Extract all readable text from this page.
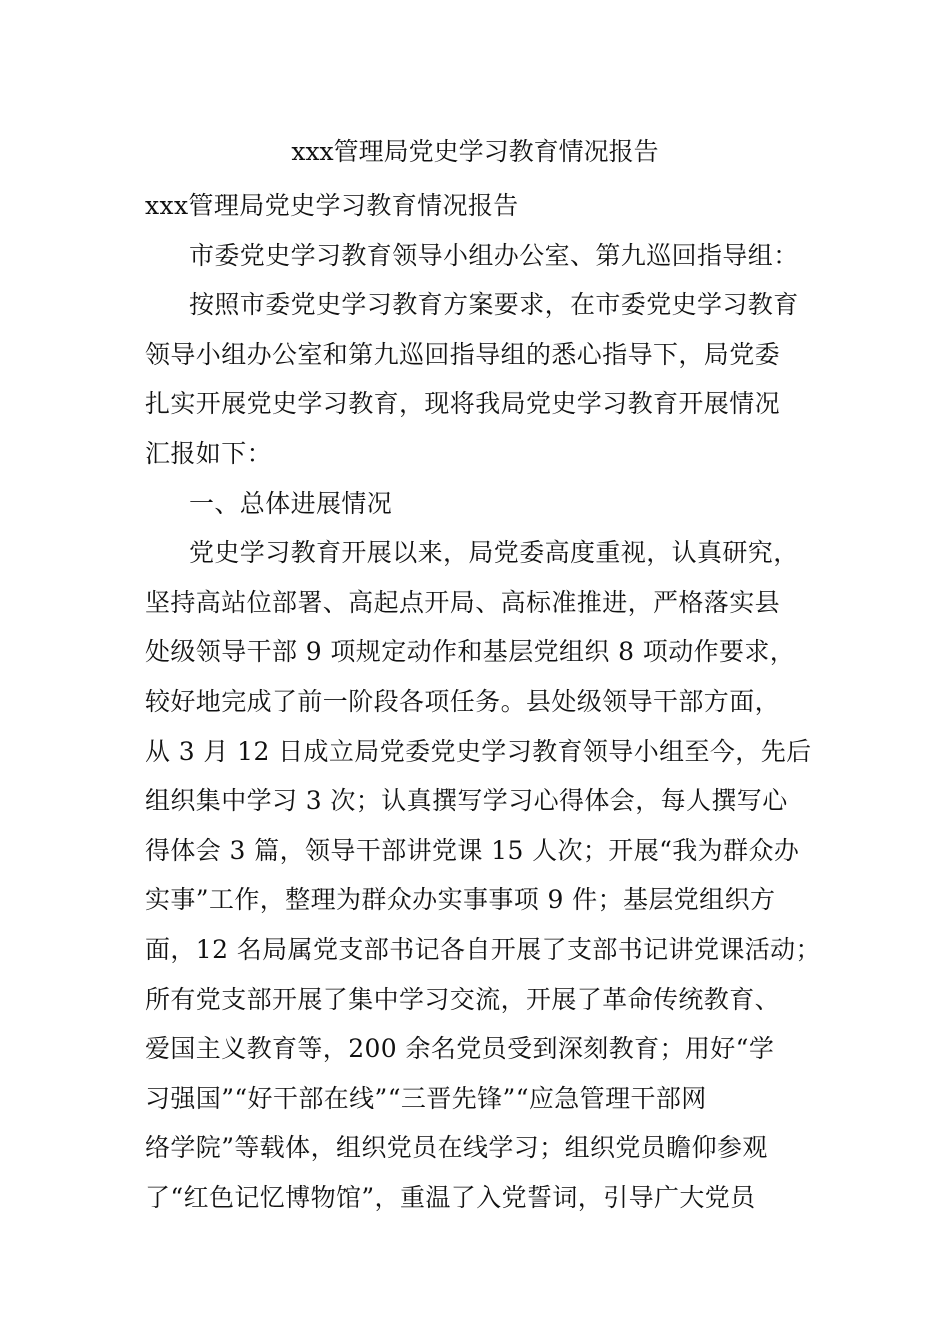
xxx管理局党史学习教育情况报告

xxx管理局党史学习教育情况报告

市委党史学习教育领导小组办公室、第九巡回指导组：

按照市委党史学习教育方案要求，在市委党史学习教育

领导小组办公室和第九巡回指导组的悉心指导下，局党委

扎实开展党史学习教育，现将我局党史学习教育开展情况

汇报如下：

一、总体进展情况

党史学习教育开展以来，局党委高度重视，认真研究，

坚持高站位部署、高起点开局、高标准推进，严格落实县

处级领导干部 9 项规定动作和基层党组织 8 项动作要求，

较好地完成了前一阶段各项任务。县处级领导干部方面，

从 3 月 12 日成立局党委党史学习教育领导小组至今，先后

组织集中学习 3 次；认真撰写学习心得体会，每人撰写心

得体会 3 篇，领导干部讲党课 15 人次；开展“我为群众办

实事”工作，整理为群众办实事事项 9 件；基层党组织方

面，12 名局属党支部书记各自开展了支部书记讲党课活动；

所有党支部开展了集中学习交流，开展了革命传统教育、

爱国主义教育等，200 余名党员受到深刻教育；用好“学

习强国”“好干部在线”“三晋先锋”“应急管理干部网

络学院”等载体，组织党员在线学习；组织党员瞻仰参观

了“红色记忆博物馆”，重温了入党誓词，引导广大党员
